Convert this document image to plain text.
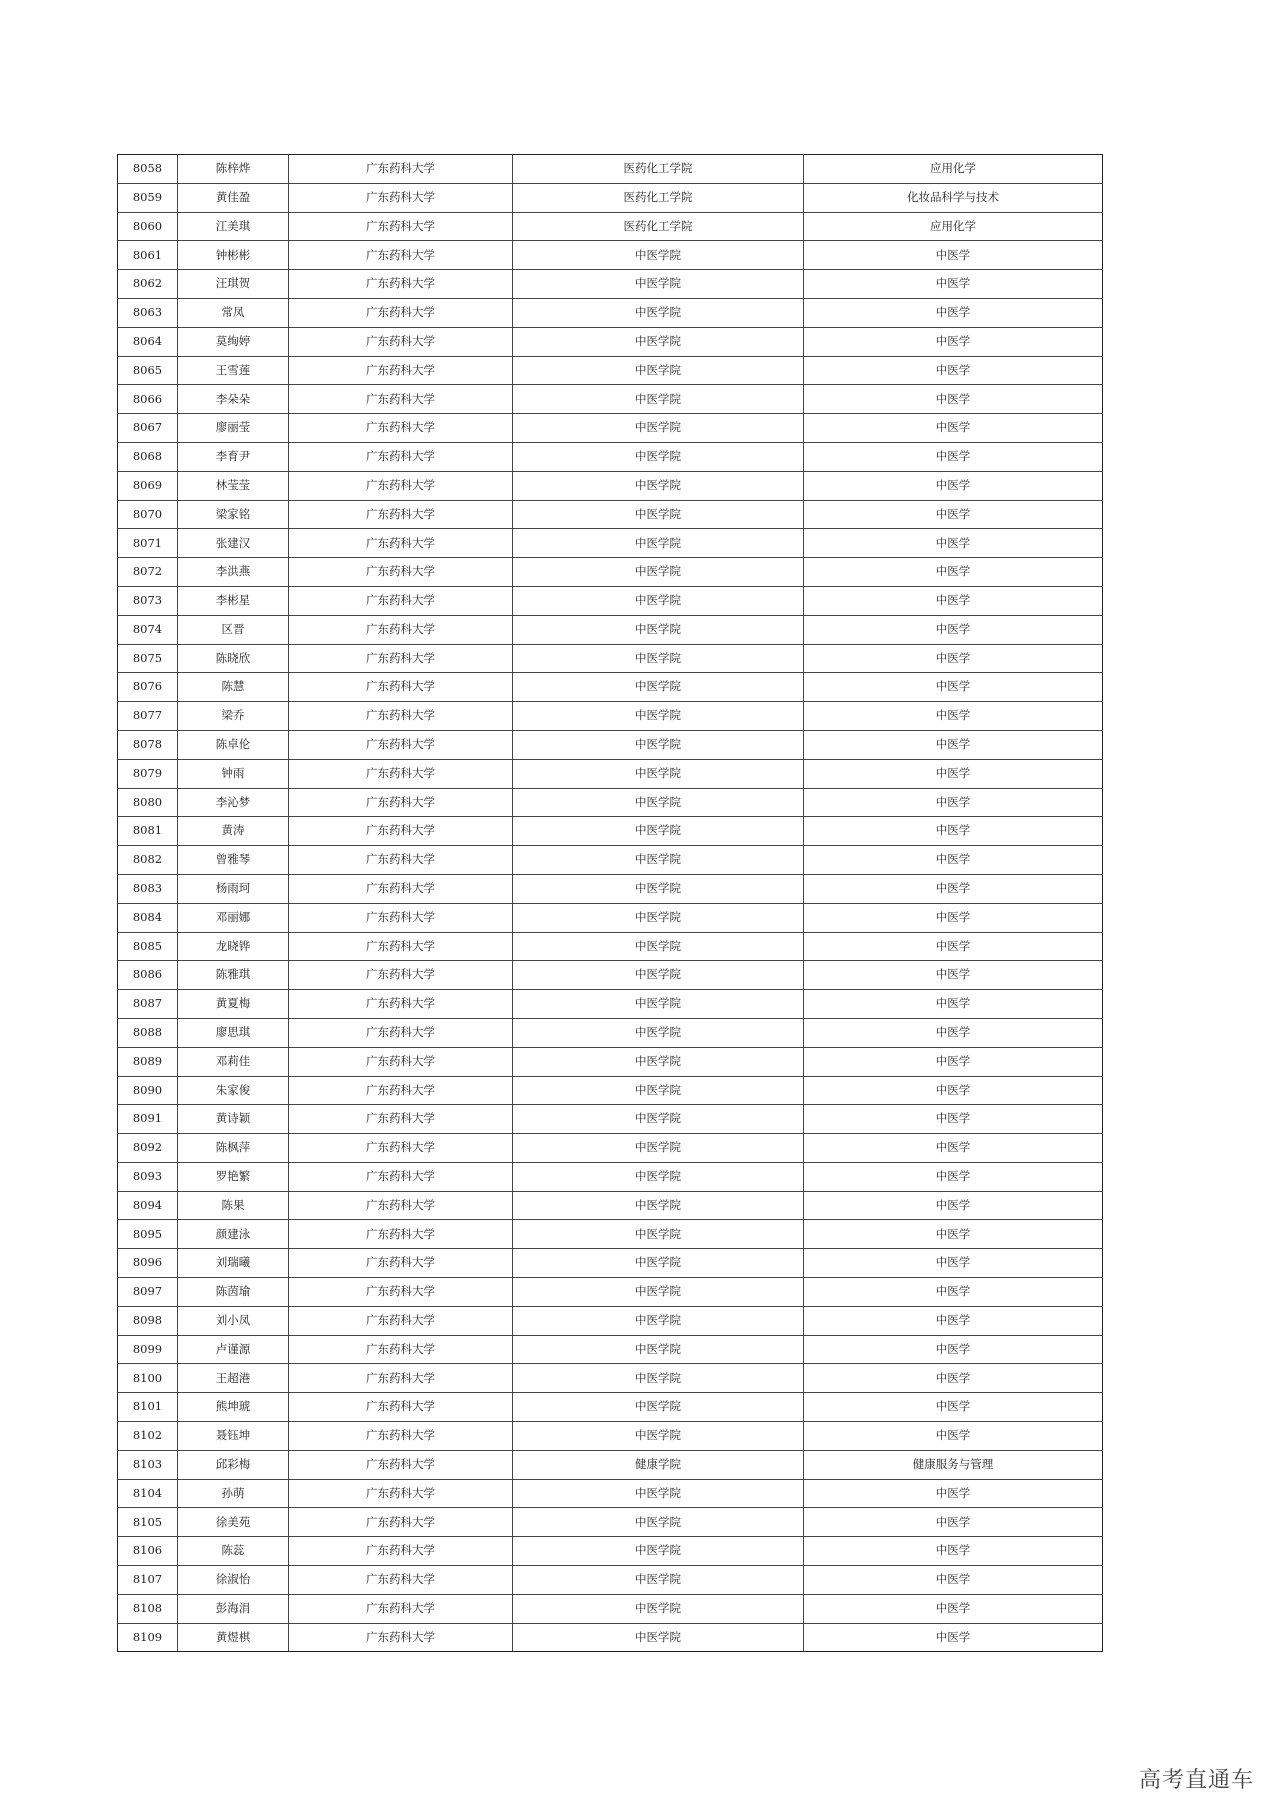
8058	陈梓烨	广东药科大学	医药化工学院	应用化学
8059	黄佳盈	广东药科大学	医药化工学院	化妆品科学与技术
8060	江美琪	广东药科大学	医药化工学院	应用化学
8061	钟彬彬	广东药科大学	中医学院	中医学
8062	汪琪贺	广东药科大学	中医学院	中医学
8063	常凤	广东药科大学	中医学院	中医学
8064	莫绚婷	广东药科大学	中医学院	中医学
8065	王雪莲	广东药科大学	中医学院	中医学
8066	李朵朵	广东药科大学	中医学院	中医学
8067	廖丽莹	广东药科大学	中医学院	中医学
8068	李育尹	广东药科大学	中医学院	中医学
8069	林莹莹	广东药科大学	中医学院	中医学
8070	梁家铭	广东药科大学	中医学院	中医学
8071	张建汉	广东药科大学	中医学院	中医学
8072	李洪燕	广东药科大学	中医学院	中医学
8073	李彬星	广东药科大学	中医学院	中医学
8074	区晋	广东药科大学	中医学院	中医学
8075	陈晓欣	广东药科大学	中医学院	中医学
8076	陈慧	广东药科大学	中医学院	中医学
8077	梁乔	广东药科大学	中医学院	中医学
8078	陈卓伦	广东药科大学	中医学院	中医学
8079	钟雨	广东药科大学	中医学院	中医学
8080	李沁梦	广东药科大学	中医学院	中医学
8081	黄涛	广东药科大学	中医学院	中医学
8082	曾雅琴	广东药科大学	中医学院	中医学
8083	杨雨珂	广东药科大学	中医学院	中医学
8084	邓丽娜	广东药科大学	中医学院	中医学
8085	龙晓铧	广东药科大学	中医学院	中医学
8086	陈雅琪	广东药科大学	中医学院	中医学
8087	黄夏梅	广东药科大学	中医学院	中医学
8088	廖思琪	广东药科大学	中医学院	中医学
8089	邓莉佳	广东药科大学	中医学院	中医学
8090	朱家俊	广东药科大学	中医学院	中医学
8091	黄诗颖	广东药科大学	中医学院	中医学
8092	陈枫萍	广东药科大学	中医学院	中医学
8093	罗艳繁	广东药科大学	中医学院	中医学
8094	陈果	广东药科大学	中医学院	中医学
8095	颜建泳	广东药科大学	中医学院	中医学
8096	刘瑞曦	广东药科大学	中医学院	中医学
8097	陈茵瑜	广东药科大学	中医学院	中医学
8098	刘小凤	广东药科大学	中医学院	中医学
8099	卢谨源	广东药科大学	中医学院	中医学
8100	王超港	广东药科大学	中医学院	中医学
8101	熊坤琥	广东药科大学	中医学院	中医学
8102	聂钰坤	广东药科大学	中医学院	中医学
8103	邱彩梅	广东药科大学	健康学院	健康服务与管理
8104	孙萌	广东药科大学	中医学院	中医学
8105	徐美苑	广东药科大学	中医学院	中医学
8106	陈蕊	广东药科大学	中医学院	中医学
8107	徐淑怡	广东药科大学	中医学院	中医学
8108	彭海涓	广东药科大学	中医学院	中医学
8109	黄煜棋	广东药科大学	中医学院	中医学
高考直通车
